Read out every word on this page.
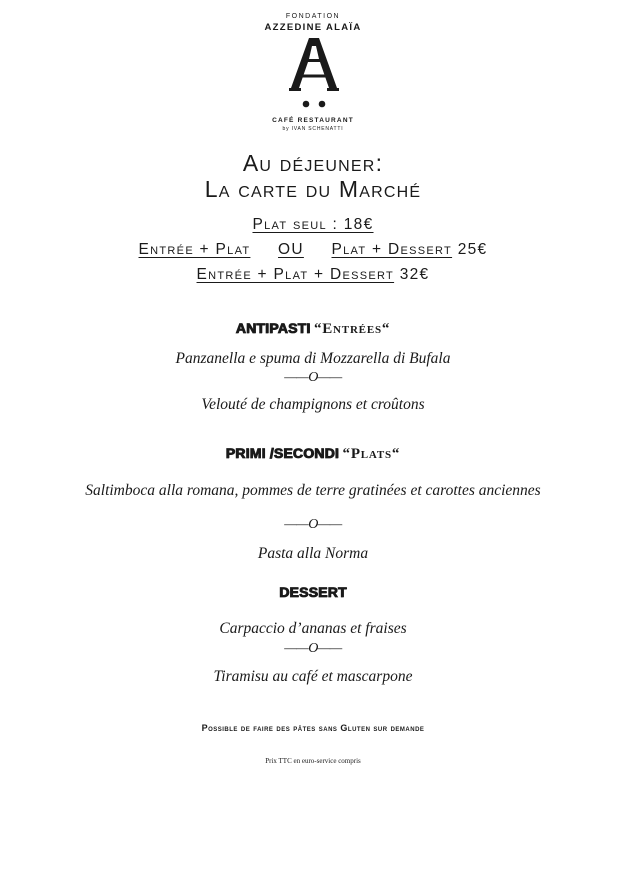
FONDATION
AZZEDINE ALAÏA
CAFÉ RESTAURANT
by IVAN SCHENATTI
Au déjeuner:
La carte du Marché
Plat seul : 18€
Entrée + Plat OU Plat + Dessert 25€
Entrée + Plat + Dessert 32€
ANTIPASTI “Entrées“
Panzanella e spuma di Mozzarella di Bufala
——O——
Velouté de champignons et croûtons
PRIMI /SECONDI “Plats“
Saltimboca alla romana, pommes de terre gratinées et carottes anciennes
——O——
Pasta alla Norma
DESSERT
Carpaccio d’ananas et fraises
——O——
Tiramisu au café et mascarpone
Possible de faire des pâtes sans Gluten sur demande
Prix TTC en euro-service compris
